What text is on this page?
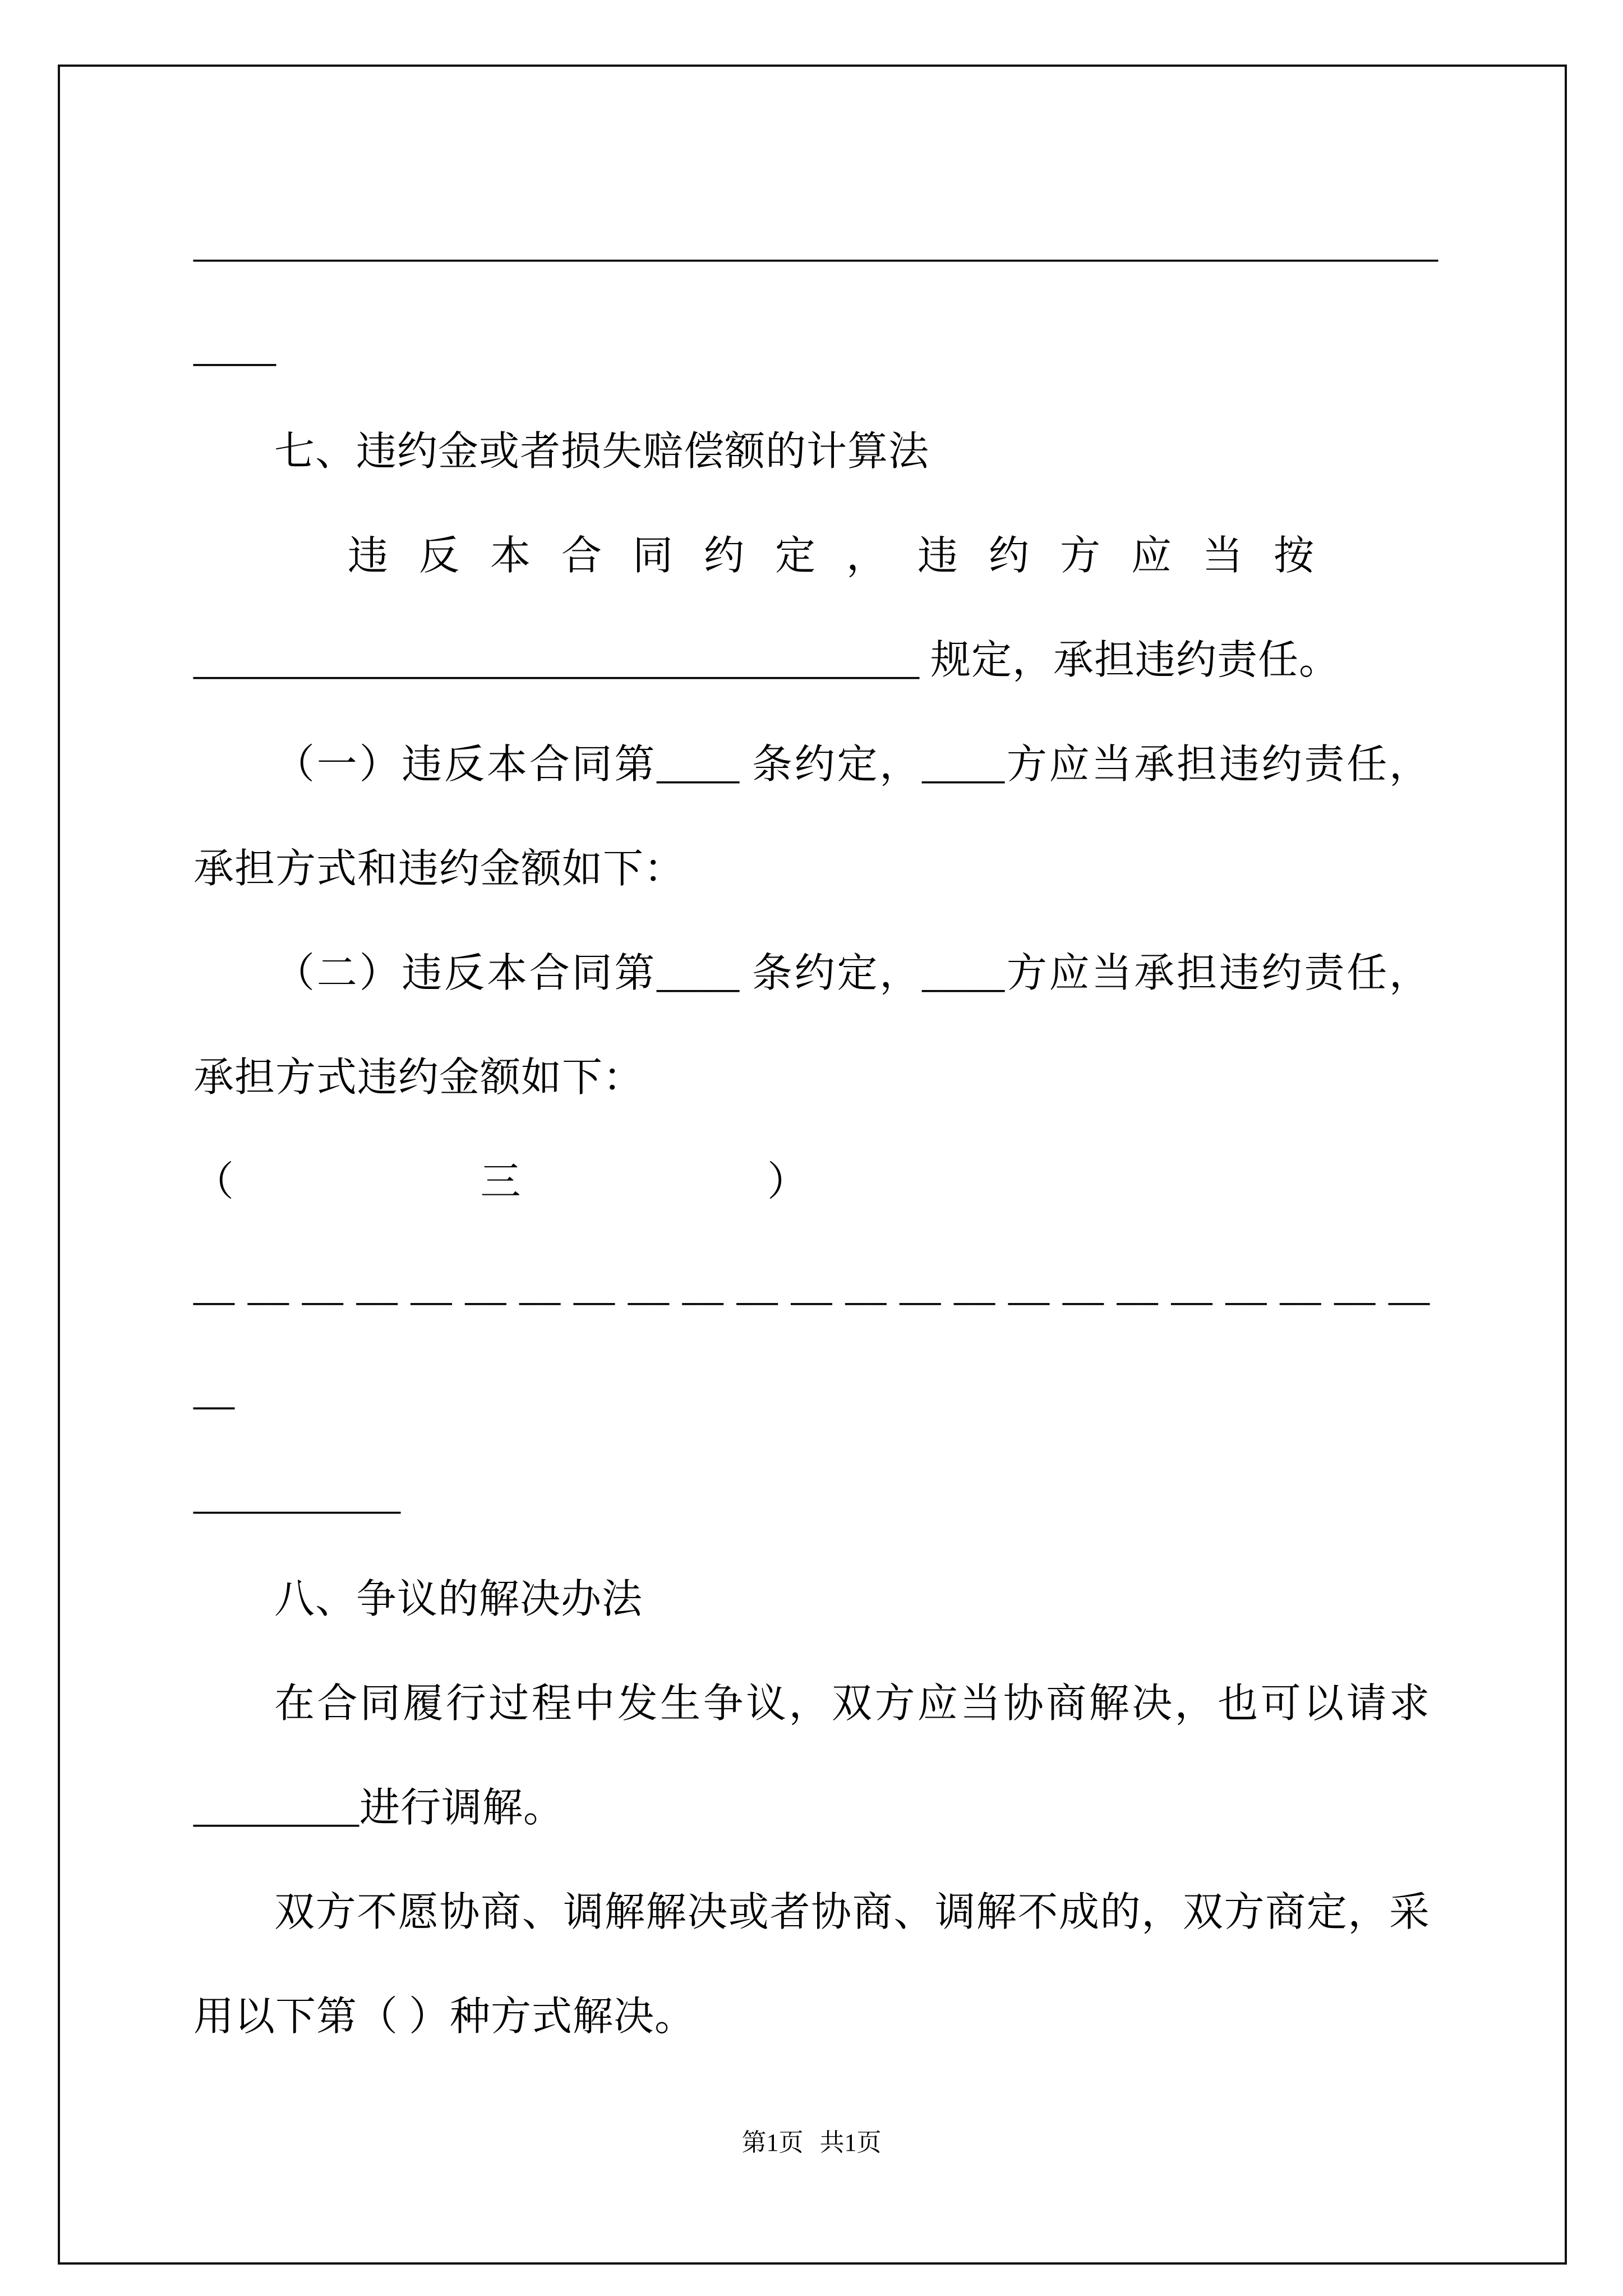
____________________________________________________________

____

七、违约金或者损失赔偿额的计算法

违反本合同约定，违约方应当按

___________________________________ 规定，承担违约责任。

（一）违反本合同第____ 条约定，____方应当承担违约责任，承担方式和违约金额如下：

（二）违反本合同第____ 条约定，____方应当承担违约责任，承担方式违约金额如下：

（	三	）

__ __ __ __ __ __ __ __ __ __ __ __ __ __ __ __ __ __ __ __ __ __ __ __

__________

八、争议的解决办法

在合同履行过程中发生争议，双方应当协商解决，也可以请求________进行调解。

双方不愿协商、调解解决或者协商、调解不成的，双方商定，采用以下第（ ）种方式解决。

第1页 共1页
